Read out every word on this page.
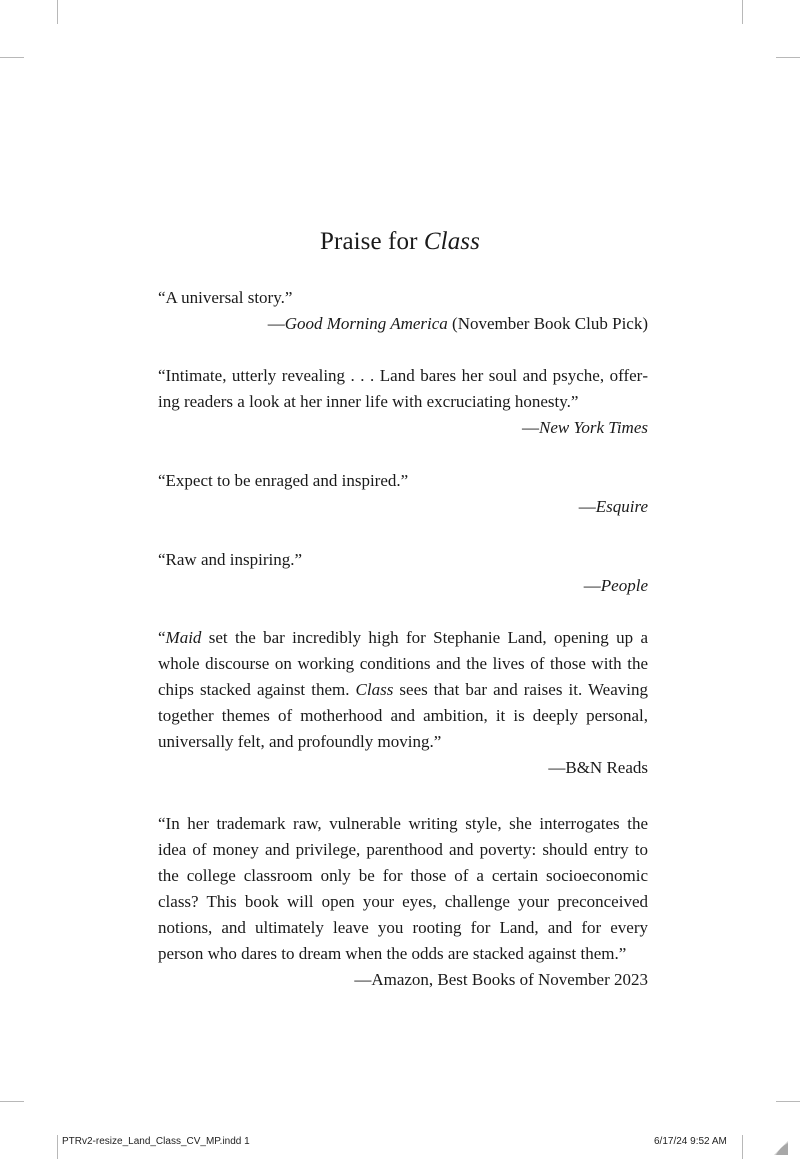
Praise for Class

“A universal story.”

—Good Morning America (November Book Club Pick)

“Intimate, utterly revealing . . . Land bares her soul and psyche, offering readers a look at her inner life with excruciating honesty.”

—New York Times

“Expect to be enraged and inspired.”

—Esquire

“Raw and inspiring.”

—People

“Maid set the bar incredibly high for Stephanie Land, opening up a whole discourse on working conditions and the lives of those with the chips stacked against them. Class sees that bar and raises it. Weaving together themes of motherhood and ambition, it is deeply personal, universally felt, and profoundly moving.”

—B&N Reads

“In her trademark raw, vulnerable writing style, she interrogates the idea of money and privilege, parenthood and poverty: should entry to the college classroom only be for those of a certain socioeconomic class? This book will open your eyes, challenge your preconceived notions, and ultimately leave you rooting for Land, and for every person who dares to dream when the odds are stacked against them.”

—Amazon, Best Books of November 2023

PTRv2-resize_Land_Class_CV_MP.indd 1	6/17/24 9:52 AM
